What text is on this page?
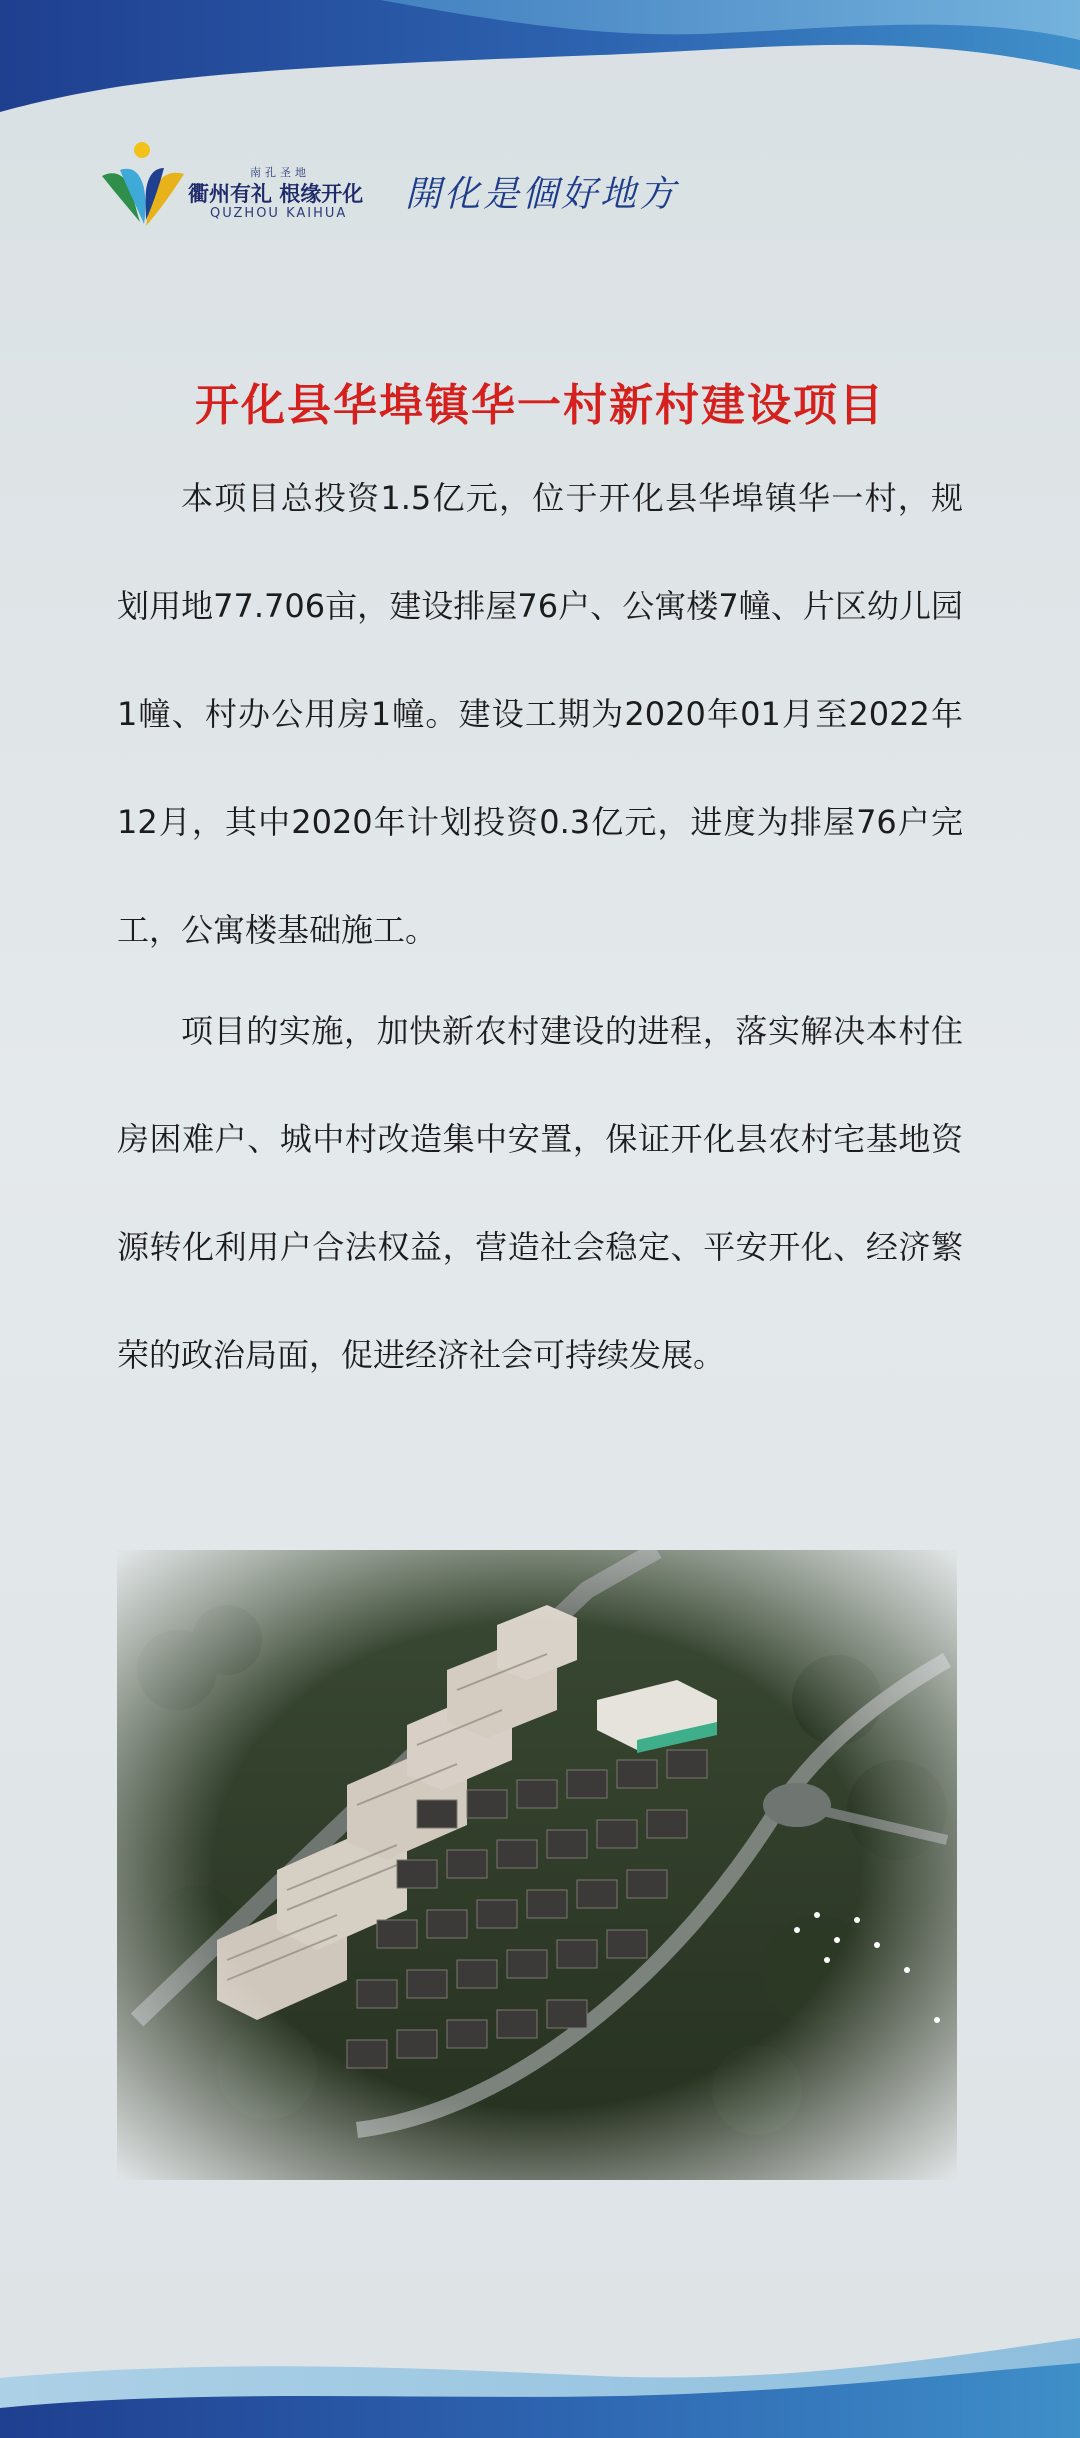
南孔圣地
衢州有礼 根缘开化
QUZHOU KAIHUA 開化是個好地方
开化县华埠镇华一村新村建设项目

本项目总投资1.5亿元，位于开化县华埠镇华一村，规划用地77.706亩，建设排屋76户、公寓楼7幢、片区幼儿园1幢、村办公用房1幢。建设工期为2020年01月至2022年12月，其中2020年计划投资0.3亿元，进度为排屋76户完工，公寓楼基础施工。

项目的实施，加快新农村建设的进程，落实解决本村住房困难户、城中村改造集中安置，保证开化县农村宅基地资源转化利用户合法权益，营造社会稳定、平安开化、经济繁荣的政治局面，促进经济社会可持续发展。
